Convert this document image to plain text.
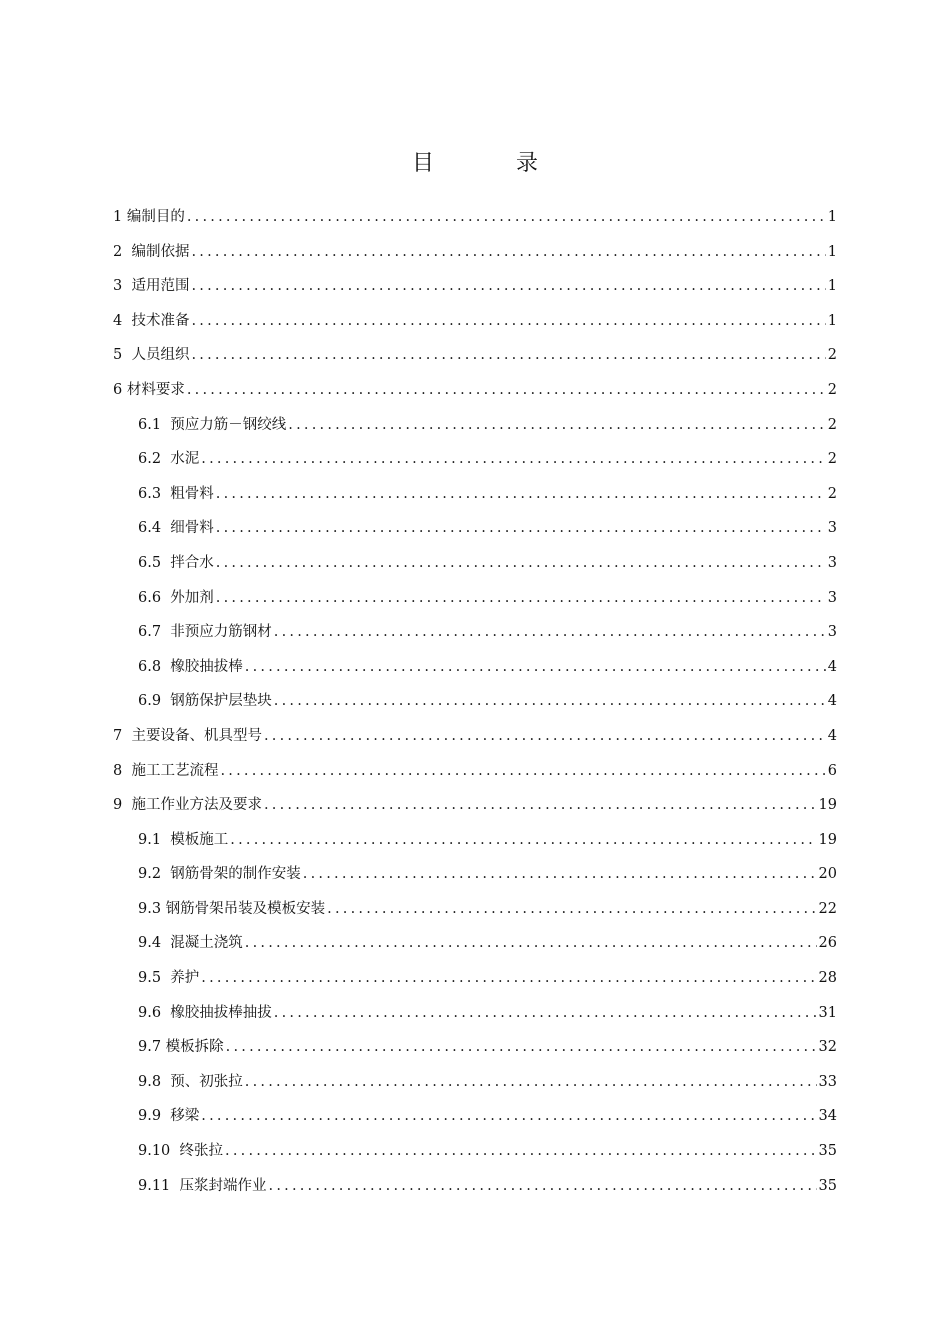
目　录
1 编制目的 .....	1
2  编制依据 .....	1
3  适用范围 .....	1
4  技术准备 .....	1
5  人员组织 .....	2
6 材料要求 .....	2
6.1  预应力筋－钢绞线 .....	2
6.2  水泥 .....	2
6.3  粗骨料 .....	2
6.4  细骨料 .....	3
6.5  拌合水 .....	3
6.6  外加剂 .....	3
6.7  非预应力筋钢材 .....	3
6.8  橡胶抽拔棒 .....	4
6.9  钢筋保护层垫块 .....	4
7  主要设备、机具型号 .....	4
8  施工工艺流程 .....	6
9  施工作业方法及要求 .....	19
9.1  模板施工 .....	19
9.2  钢筋骨架的制作安装 .....	20
9.3 钢筋骨架吊装及模板安装 .....	22
9.4  混凝土浇筑 .....	26
9.5  养护 .....	28
9.6  橡胶抽拔棒抽拔 .....	31
9.7 模板拆除 .....	32
9.8  预、初张拉 .....	33
9.9  移梁 .....	34
9.10  终张拉 .....	35
9.11  压浆封端作业 .....	35
